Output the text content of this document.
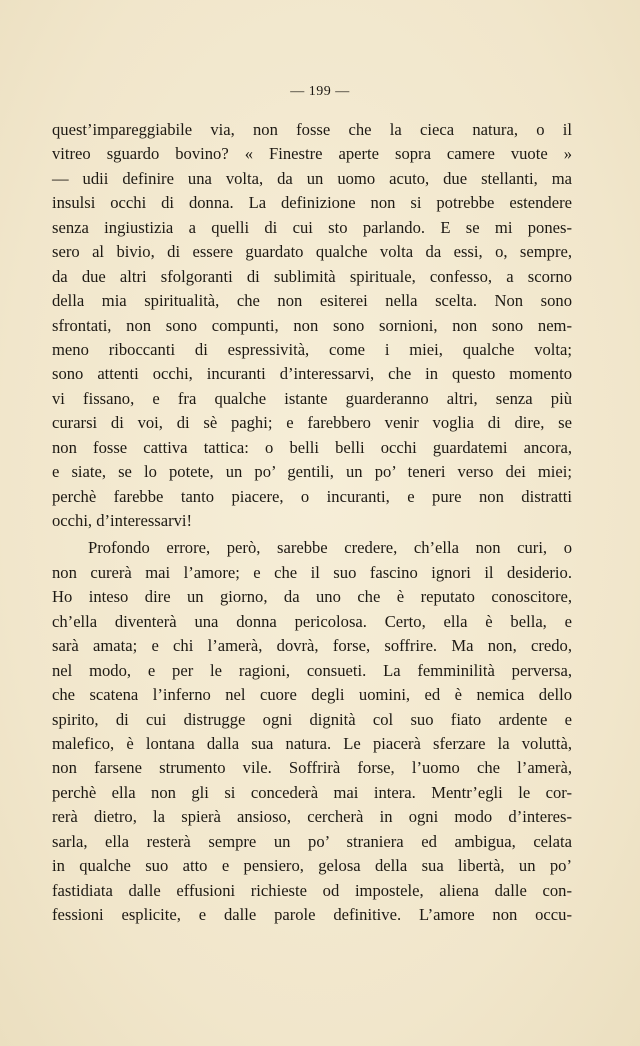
— 199 —
quest’impareggiabile via, non fosse che la cieca natura, o il
vitreo sguardo bovino? « Finestre aperte sopra camere vuote »
— udii definire una volta, da un uomo acuto, due stellanti, ma
insulsi occhi di donna. La definizione non si potrebbe estendere
senza ingiustizia a quelli di cui sto parlando. E se mi pones-
sero al bivio, di essere guardato qualche volta da essi, o, sempre,
da due altri sfolgoranti di sublimità spirituale, confesso, a scorno
della mia spiritualità, che non esiterei nella scelta. Non sono
sfrontati, non sono compunti, non sono sornioni, non sono nem-
meno riboccanti di espressività, come i miei, qualche volta;
sono attenti occhi, incuranti d’interessarvi, che in questo momento
vi fissano, e fra qualche istante guarderanno altri, senza più
curarsi di voi, di sè paghi; e farebbero venir voglia di dire, se
non fosse cattiva tattica: o belli belli occhi guardatemi ancora,
e siate, se lo potete, un po’ gentili, un po’ teneri verso dei miei;
perchè farebbe tanto piacere, o incuranti, e pure non distratti
occhi, d’interessarvi!
Profondo errore, però, sarebbe credere, ch’ella non curi, o
non curerà mai l’amore; e che il suo fascino ignori il desiderio.
Ho inteso dire un giorno, da uno che è reputato conoscitore,
ch’ella diventerà una donna pericolosa. Certo, ella è bella, e
sarà amata; e chi l’amerà, dovrà, forse, soffrire. Ma non, credo,
nel modo, e per le ragioni, consueti. La femminilità perversa,
che scatena l’inferno nel cuore degli uomini, ed è nemica dello
spirito, di cui distrugge ogni dignità col suo fiato ardente e
malefico, è lontana dalla sua natura. Le piacerà sferzare la voluttà,
non farsene strumento vile. Soffrirà forse, l’uomo che l’amerà,
perchè ella non gli si concederà mai intera. Mentr’egli le cor-
rerà dietro, la spierà ansioso, cercherà in ogni modo d’interes-
sarla, ella resterà sempre un po’ straniera ed ambigua, celata
in qualche suo atto e pensiero, gelosa della sua libertà, un po’
fastidiata dalle effusioni richieste od impostele, aliena dalle con-
fessioni esplicite, e dalle parole definitive. L’amore non occu-
